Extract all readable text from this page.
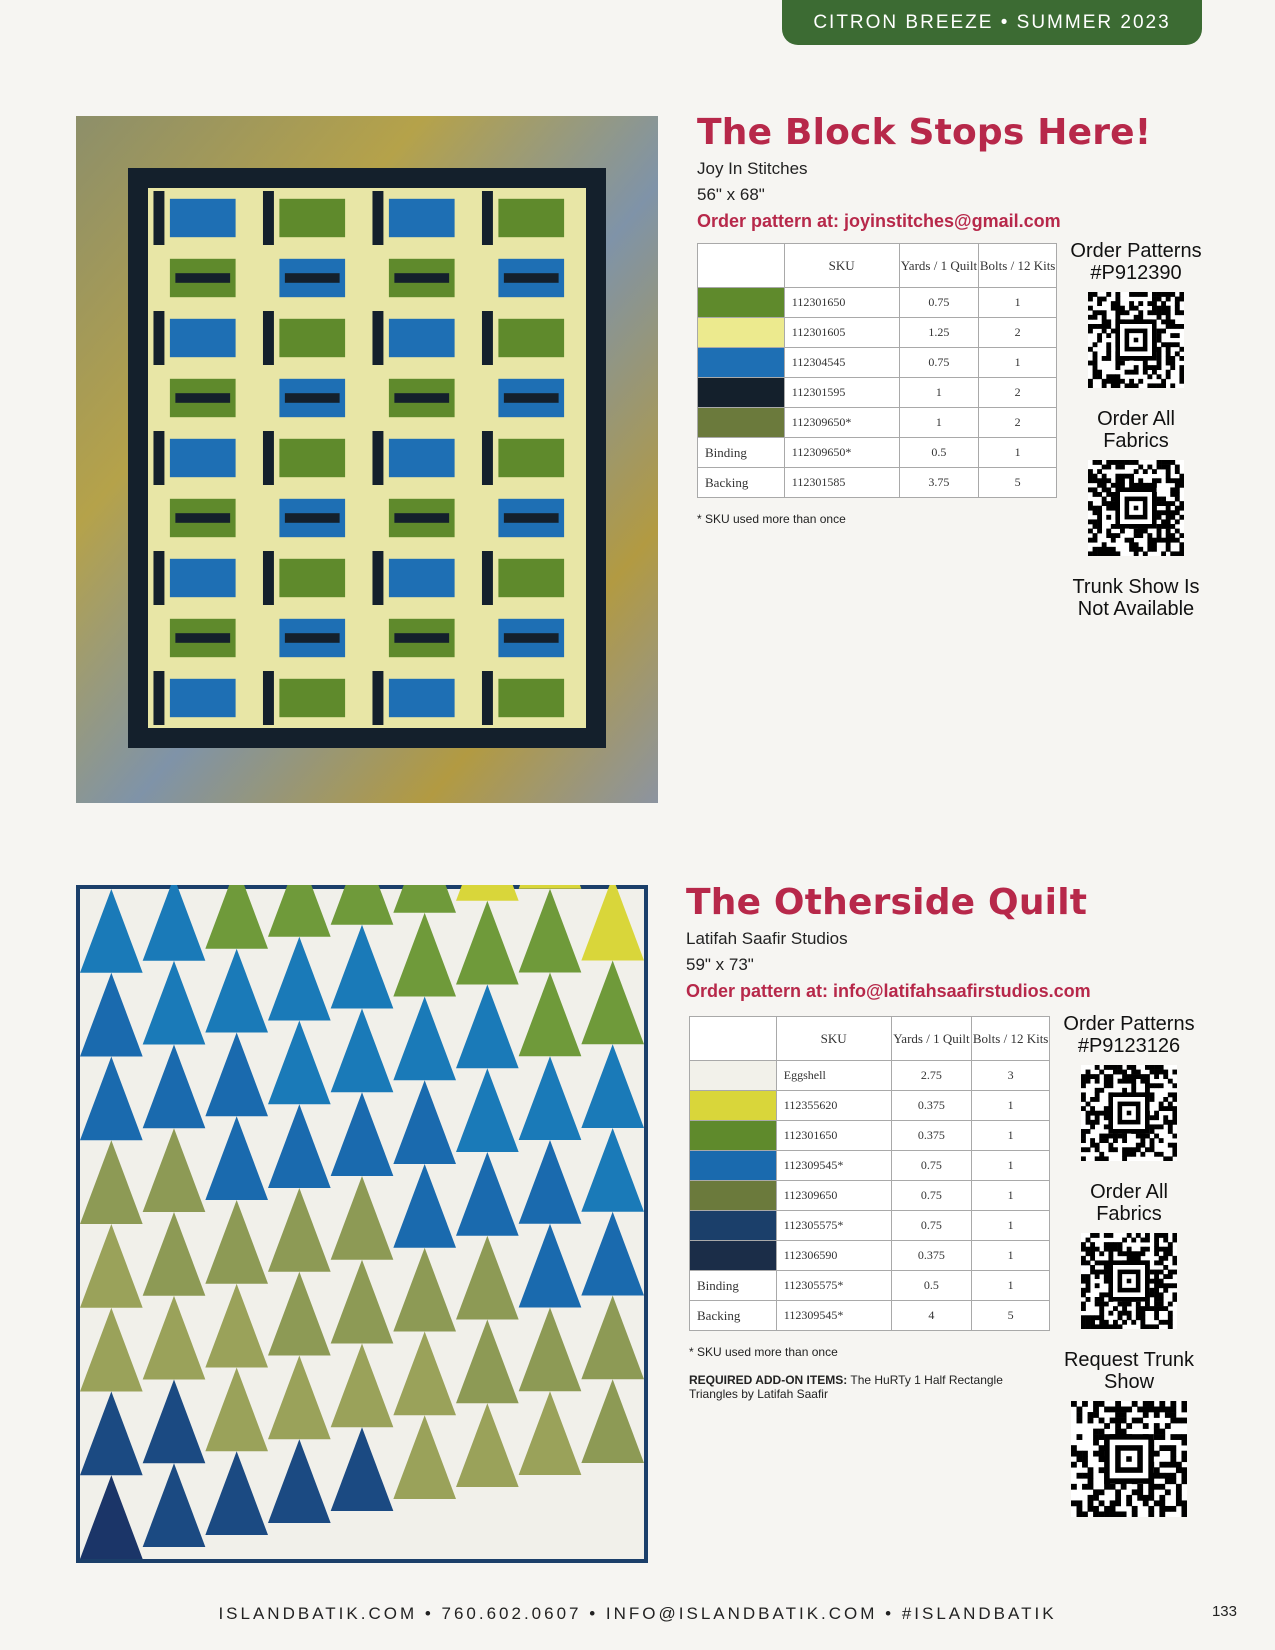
CITRON BREEZE • SUMMER 2023
The Block Stops Here!
Joy In Stitches
56" x 68"
Order pattern at: joyinstitches@gmail.com
	SKU	Yards / 1 Quilt	Bolts / 12 Kits
	112301650	0.75	1
	112301605	1.25	2
	112304545	0.75	1
	112301595	1	2
	112309650*	1	2
Binding	112309650*	0.5	1
Backing	112301585	3.75	5
* SKU used more than once
Order Patterns
#P912390
Order All
Fabrics
Trunk Show Is
Not Available
The Otherside Quilt
Latifah Saafir Studios
59" x 73"
Order pattern at: info@latifahsaafirstudios.com
	SKU	Yards / 1 Quilt	Bolts / 12 Kits
	Eggshell	2.75	3
	112355620	0.375	1
	112301650	0.375	1
	112309545*	0.75	1
	112309650	0.75	1
	112305575*	0.75	1
	112306590	0.375	1
Binding	112305575*	0.5	1
Backing	112309545*	4	5
* SKU used more than once
REQUIRED ADD-ON ITEMS: The HuRTy 1 Half Rectangle Triangles by Latifah Saafir
Order Patterns
#P9123126
Order All
Fabrics
Request Trunk
Show
ISLANDBATIK.COM • 760.602.0607 • INFO@ISLANDBATIK.COM • #ISLANDBATIK	133
